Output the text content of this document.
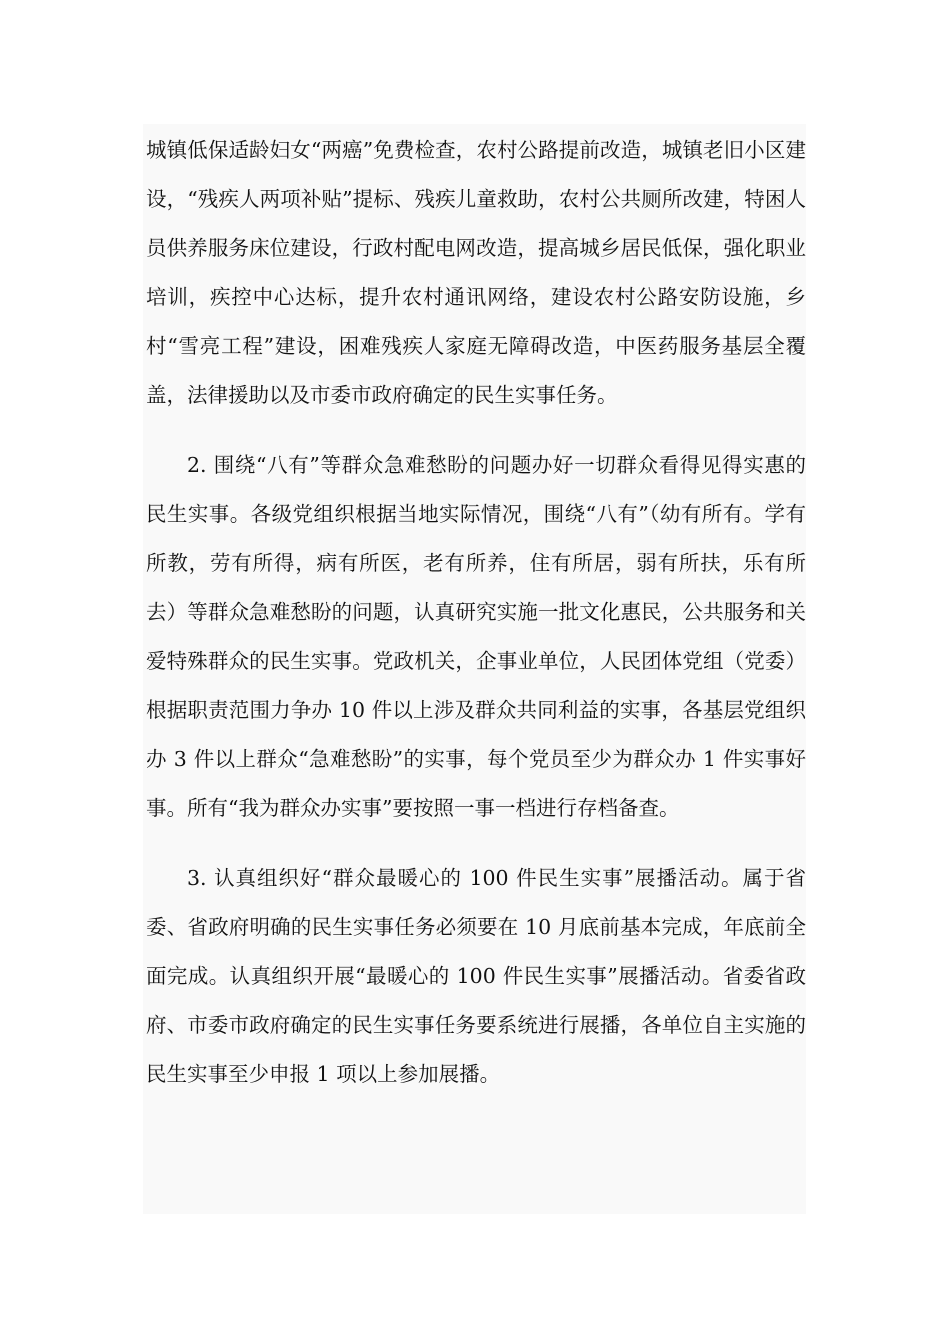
城镇低保适龄妇女“两癌”免费检查，农村公路提前改造，城镇老旧小区建设，“残疾人两项补贴”提标、残疾儿童救助，农村公共厕所改建，特困人员供养服务床位建设，行政村配电网改造，提高城乡居民低保，强化职业培训，疾控中心达标，提升农村通讯网络，建设农村公路安防设施，乡村“雪亮工程”建设，困难残疾人家庭无障碍改造，中医药服务基层全覆盖，法律援助以及市委市政府确定的民生实事任务。

2. 围绕“八有”等群众急难愁盼的问题办好一切群众看得见得实惠的民生实事。各级党组织根据当地实际情况，围绕“八有”（幼有所有。学有所教，劳有所得，病有所医，老有所养，住有所居，弱有所扶，乐有所去）等群众急难愁盼的问题，认真研究实施一批文化惠民，公共服务和关爱特殊群众的民生实事。党政机关，企事业单位，人民团体党组（党委）根据职责范围力争办 10 件以上涉及群众共同利益的实事，各基层党组织办 3 件以上群众“急难愁盼”的实事，每个党员至少为群众办 1 件实事好事。所有“我为群众办实事”要按照一事一档进行存档备查。

3. 认真组织好“群众最暖心的 100 件民生实事”展播活动。属于省委、省政府明确的民生实事任务必须要在 10 月底前基本完成，年底前全面完成。认真组织开展“最暖心的 100 件民生实事”展播活动。省委省政府、市委市政府确定的民生实事任务要系统进行展播，各单位自主实施的民生实事至少申报 1 项以上参加展播。
